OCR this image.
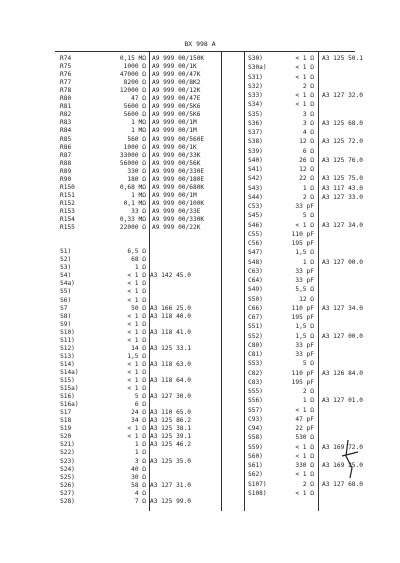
BX 998 A
R74	0,15 MΩ A9 999 00/150K
R75	1000 Ω A9 999 00/1K
R76	47000 Ω A9 999 00/47K
R77	8200 Ω A9 999 00/8K2
R78	12000 Ω A9 999 00/12K
R80	47 Ω A9 999 00/47E
R81	5600 Ω A9 999 00/5K6
R82	5600 Ω A9 999 00/5K6
R83	1 MΩ A9 999 00/1M
R84	1 MΩ A9 999 00/1M
R85	560 Ω A9 999 00/560E
R86	1000 Ω A9 999 00/1K
R87	33000 Ω A9 999 00/33K
R88	56000 Ω A9 999 00/56K
R89	330 Ω A9 999 00/330E
R90	180 Ω A9 999 00/180E
R150	0,68 MΩ A9 999 00/680K
R151	1 MΩ A9 999 00/1M
R152	0,1 MΩ A9 999 00/100K
R153	33 Ω A9 999 00/33E
R154	0,33 MΩ A9 999 00/330K
R155	22000 Ω A9 999 00/22K
S1)	6,5 Ω
S2)	68 Ω
S3)	1 Ω
S4)	< 1 Ω A3 142 45.0
S4a)	< 1 Ω
S5)	< 1 Ω
S6)	< 1 Ω
S7	50 Ω A3 166 25.0
S8)	< 1 Ω A3 118 40.0
S9)	< 1 Ω
S10)	< 1 Ω A3 118 41.0
S11)	< 1 Ω
S12)	14 Ω A3 125 33.1
S13)	1,5 Ω
S14)	< 1 Ω A3 118 63.0
S14a)	< 1 Ω
S15)	< 1 Ω A3 118 64.0
S15a)	< 1 Ω
S16)	5 Ω A3 127 30.0
S16a)	6 Ω
S17	24 Ω A3 110 65.0
S18	34 Ω A3 125 86.2
S19	< 1 Ω A3 125 38.1
S20	< 1 Ω A3 125 39.1
S21)	1 Ω A3 125 46.2
S22)	1 Ω
S23)	3 Ω A3 125 35.0
S24)	40 Ω
S25)	30 Ω
S26)	58 Ω A3 127 31.0
S27)	4 Ω
S28)	7 Ω A3 125 99.0
S30)	< 1 Ω A3 125 50.1
S30a)	< 1 Ω
S31)	< 1 Ω
S32)	2 Ω
S33)	< 1 Ω A3 127 32.0
S34)	< 1 Ω
S35)	3 Ω
S36)	3 Ω A3 125 68.0
S37)	4 Ω
S38)	12 Ω A3 125 72.0
S39)	6 Ω
S40)	26 Ω A3 125 76.0
S41)	12 Ω
S42)	22 Ω A3 125 75.0
S43)	1 Ω A3 117 43.0
S44)	2 Ω A3 127 33.0
C53)	33 pF
S45)	5 Ω
S46)	< 1 Ω A3 127 34.0
C55)	110 pF
C56)	195 pF
S47)	1,5 Ω
S48)	1 Ω A3 127 00.0
C63)	33 pF
C64)	33 pF
S49)	5,5 Ω
S50)	12 Ω
C66)	110 pF A3 127 34.0
C67)	195 pF
S51)	1,5 Ω
S52)	1,5 Ω A3 127 00.0
C80)	33 pF
C81)	33 pF
S53)	5 Ω
C82)	110 pF A3 126 84.0
C83)	195 pF
S55)	2 Ω
S56)	1 Ω A3 127 01.0
S57)	< 1 Ω
C93)	47 pF
C94)	22 pF
S58)	530 Ω
S59)	< 1 Ω A3 169 72.0
S60)	< 1 Ω
S61)	330 Ω A3 169 25.0
S62)	< 1 Ω
S107)	2 Ω A3 127 68.0
S108)	< 1 Ω
